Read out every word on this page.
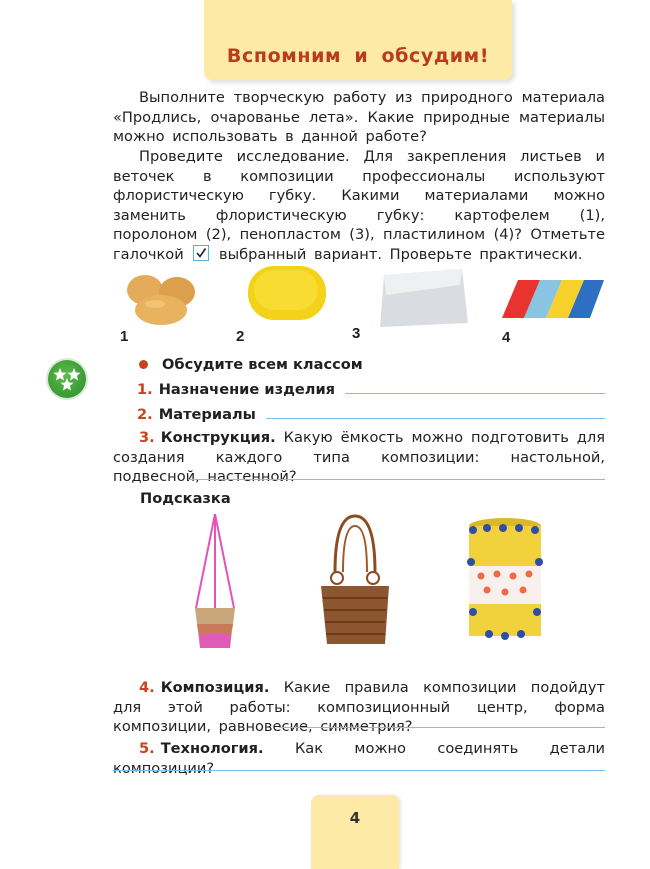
Вспомним и обсудим!
Выполните творческую работу из природного материала «Продлись, очарованье лета». Какие природные материалы можно использовать в данной работе?
Проведите исследование. Для закрепления листьев и веточек в композиции профессионалы используют флористическую губку. Какими материалами можно заменить флористическую губку: картофелем (1), поролоном (2), пенопластом (3), пластилином (4)? Отметьте галочкой выбранный вариант. Проверьте практически.
1	2	3	4
Обсудите всем классом
1. Назначение изделия
2. Материалы
3. Конструкция. Какую ёмкость можно подготовить для создания каждого типа композиции: настольной, подвесной, настенной?
Подсказка
4. Композиция. Какие правила композиции подойдут для этой работы: композиционный центр, форма композиции, равновесие, симметрия?
5. Технология. Как можно соединять детали композиции?
4
